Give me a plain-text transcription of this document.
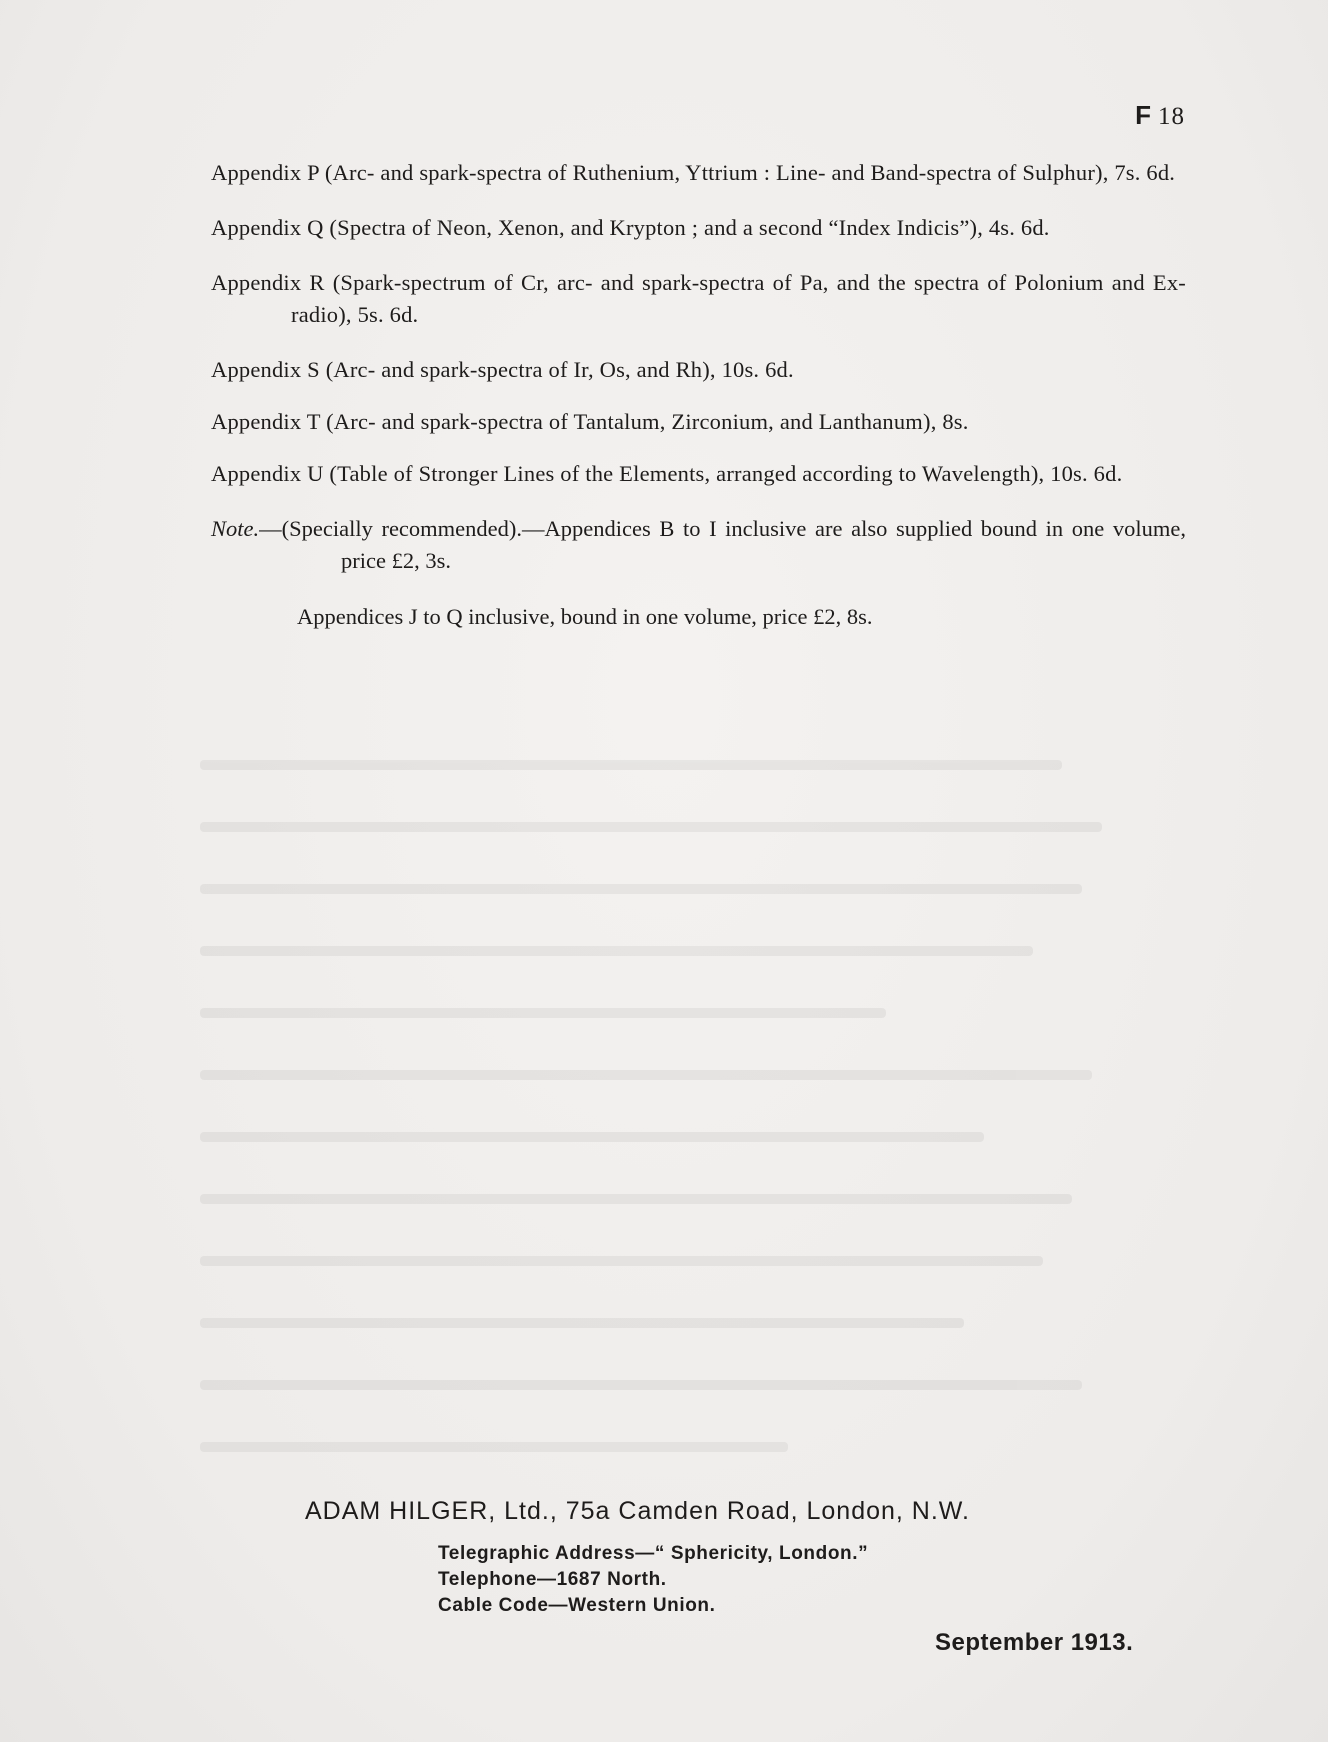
F 18
Appendix P (Arc- and spark-spectra of Ruthenium, Yttrium : Line- and Band-spectra of Sulphur), 7s. 6d.
Appendix Q (Spectra of Neon, Xenon, and Krypton ; and a second “Index Indicis”), 4s. 6d.
Appendix R (Spark-spectrum of Cr, arc- and spark-spectra of Pa, and the spectra of Polonium and Ex-radio), 5s. 6d.
Appendix S (Arc- and spark-spectra of Ir, Os, and Rh), 10s. 6d.
Appendix T (Arc- and spark-spectra of Tantalum, Zirconium, and Lanthanum), 8s.
Appendix U (Table of Stronger Lines of the Elements, arranged according to Wavelength), 10s. 6d.
Note.—(Specially recommended).—Appendices B to I inclusive are also supplied bound in one volume, price £2, 3s.
Appendices J to Q inclusive, bound in one volume, price £2, 8s.
ADAM HILGER, Ltd., 75a Camden Road, London, N.W.
Telegraphic Address—“ Sphericity, London.”
Telephone—1687 North.
Cable Code—Western Union.
September 1913.
